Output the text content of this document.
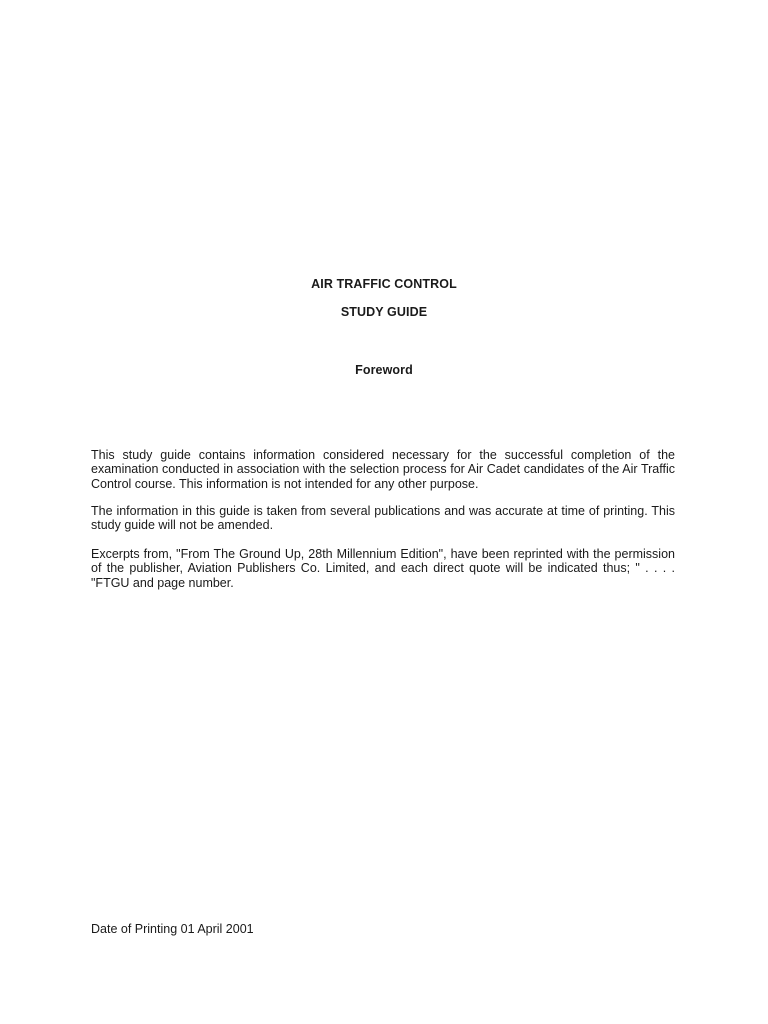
AIR TRAFFIC CONTROL
STUDY GUIDE
Foreword

This study guide contains information considered necessary for the successful completion of the examination conducted in association with the selection process for Air Cadet candidates of the Air Traffic Control course. This information is not intended for any other purpose.

The information in this guide is taken from several publications and was accurate at time of printing. This study guide will not be amended.

Excerpts from, "From The Ground Up, 28th Millennium Edition", have been reprinted with the permission of the publisher, Aviation Publishers Co. Limited, and each direct quote will be indicated thus; " . . . . "FTGU and page number.

Date of Printing 01 April 2001
